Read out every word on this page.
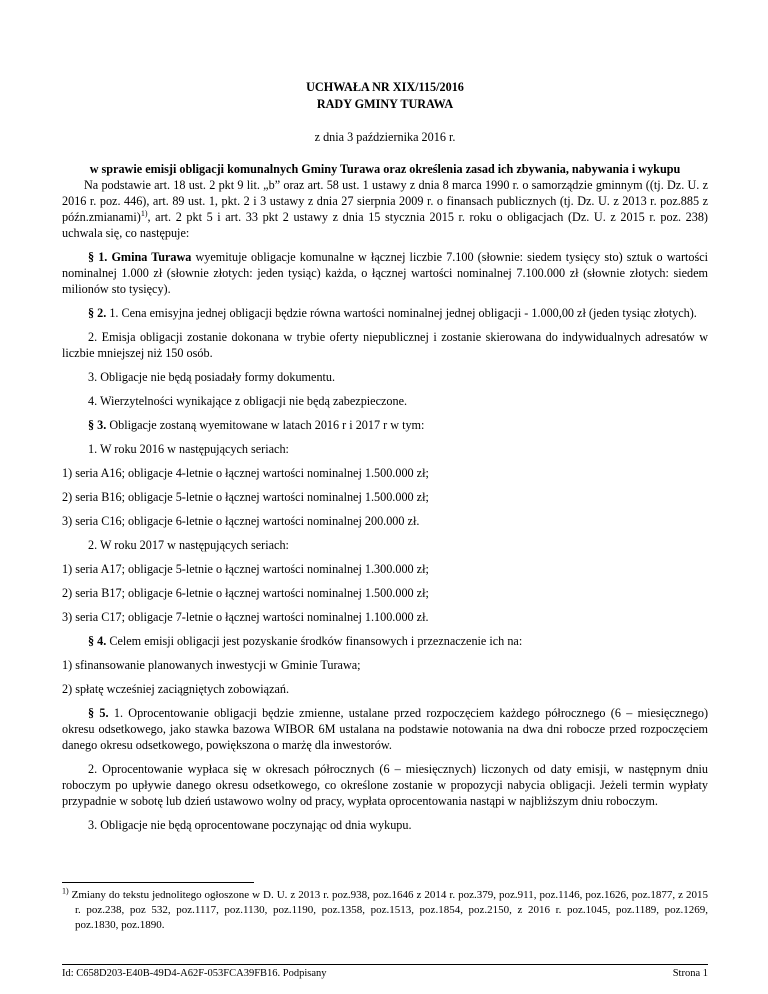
UCHWAŁA NR XIX/115/2016
RADY GMINY TURAWA
z dnia 3 października 2016 r.
w sprawie emisji obligacji komunalnych Gminy Turawa oraz określenia zasad ich zbywania, nabywania i wykupu

Na podstawie art. 18 ust. 2 pkt 9 lit. „b” oraz art. 58 ust. 1 ustawy z dnia 8 marca 1990 r. o samorządzie gminnym ((tj. Dz. U. z 2016 r. poz. 446), art. 89 ust. 1, pkt. 2 i 3 ustawy z dnia 27 sierpnia 2009 r. o finansach publicznych (tj. Dz. U. z 2013 r. poz.885 z późn.zmianami)$^{1)}$, art. 2 pkt 5 i art. 33 pkt 2 ustawy z dnia 15 stycznia 2015 r. roku o obligacjach (Dz. U. z 2015 r. poz. 238) uchwala się, co następuje:

§ 1. Gmina Turawa wyemituje obligacje komunalne w łącznej liczbie 7.100 (słownie: siedem tysięcy sto) sztuk o wartości nominalnej 1.000 zł (słownie złotych: jeden tysiąc) każda, o łącznej wartości nominalnej 7.100.000 zł (słownie złotych: siedem milionów sto tysięcy).

§ 2. 1. Cena emisyjna jednej obligacji będzie równa wartości nominalnej jednej obligacji - 1.000,00 zł (jeden tysiąc złotych).

2. Emisja obligacji zostanie dokonana w trybie oferty niepublicznej i zostanie skierowana do indywidualnych adresatów w liczbie mniejszej niż 150 osób.

3. Obligacje nie będą posiadały formy dokumentu.

4. Wierzytelności wynikające z obligacji nie będą zabezpieczone.

§ 3. Obligacje zostaną wyemitowane w latach 2016 r i 2017 r w tym:

1. W roku 2016 w następujących seriach:

1) seria A16; obligacje 4-letnie o łącznej wartości nominalnej 1.500.000 zł;

2) seria B16; obligacje 5-letnie o łącznej wartości nominalnej 1.500.000 zł;

3) seria C16; obligacje 6-letnie o łącznej wartości nominalnej 200.000 zł.

2. W roku 2017 w następujących seriach:

1) seria A17; obligacje 5-letnie o łącznej wartości nominalnej 1.300.000 zł;

2) seria B17; obligacje 6-letnie o łącznej wartości nominalnej 1.500.000 zł;

3) seria C17; obligacje 7-letnie o łącznej wartości nominalnej 1.100.000 zł.

§ 4. Celem emisji obligacji jest pozyskanie środków finansowych i przeznaczenie ich na:

1) sfinansowanie planowanych inwestycji w Gminie Turawa;

2) spłatę wcześniej zaciągniętych zobowiązań.

§ 5. 1. Oprocentowanie obligacji będzie zmienne, ustalane przed rozpoczęciem każdego półrocznego (6 – miesięcznego) okresu odsetkowego, jako stawka bazowa WIBOR 6M ustalana na podstawie notowania na dwa dni robocze przed rozpoczęciem danego okresu odsetkowego, powiększona o marżę dla inwestorów.

2. Oprocentowanie wypłaca się w okresach półrocznych (6 – miesięcznych) liczonych od daty emisji, w następnym dniu roboczym po upływie danego okresu odsetkowego, co określone zostanie w propozycji nabycia obligacji. Jeżeli termin wypłaty przypadnie w sobotę lub dzień ustawowo wolny od pracy, wypłata oprocentowania nastąpi w najbliższym dniu roboczym.

3. Obligacje nie będą oprocentowane poczynając od dnia wykupu.

$^{1)}$ Zmiany do tekstu jednolitego ogłoszone w D. U. z 2013 r. poz.938, poz.1646 z 2014 r. poz.379, poz.911, poz.1146, poz.1626, poz.1877, z 2015 r. poz.238, poz 532, poz.1117, poz.1130, poz.1190, poz.1358, poz.1513, poz.1854, poz.2150, z 2016 r. poz.1045, poz.1189, poz.1269, poz.1830, poz.1890.
Id: C658D203-E40B-49D4-A62F-053FCA39FB16. Podpisany	Strona 1
